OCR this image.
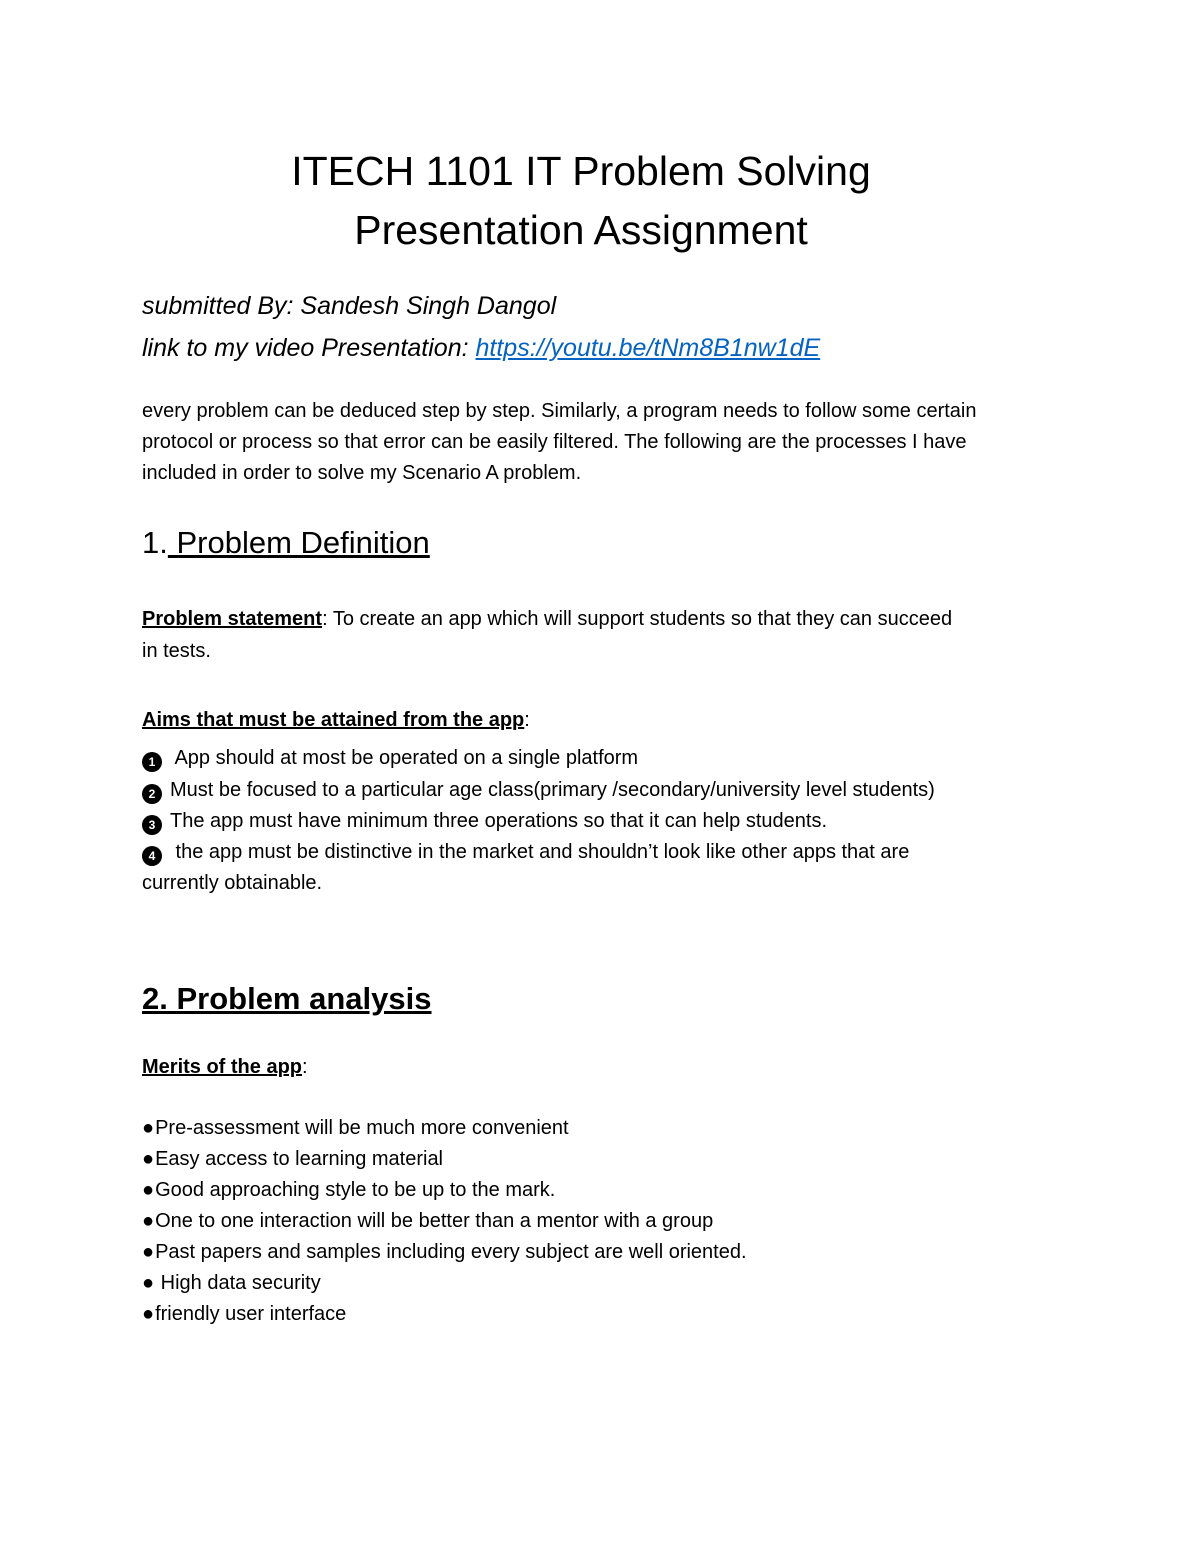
ITECH 1101 IT Problem Solving
Presentation Assignment
submitted By: Sandesh Singh Dangol
link to my video Presentation: https://youtu.be/tNm8B1nw1dE
every problem can be deduced step by step. Similarly, a program needs to follow some certain
protocol or process so that error can be easily filtered. The following are the processes I have
included in order to solve my Scenario A problem.
1. Problem Definition
Problem statement: To create an app which will support students so that they can succeed
in tests.
Aims that must be attained from the app:
1 App should at most be operated on a single platform
2 Must be focused to a particular age class(primary /secondary/university level students)
3 The app must have minimum three operations so that it can help students.
4 the app must be distinctive in the market and shouldn’t look like other apps that are
currently obtainable.
2. Problem analysis
Merits of the app:
●Pre-assessment will be much more convenient
●Easy access to learning material
●Good approaching style to be up to the mark.
●One to one interaction will be better than a mentor with a group
●Past papers and samples including every subject are well oriented.
● High data security
●friendly user interface
